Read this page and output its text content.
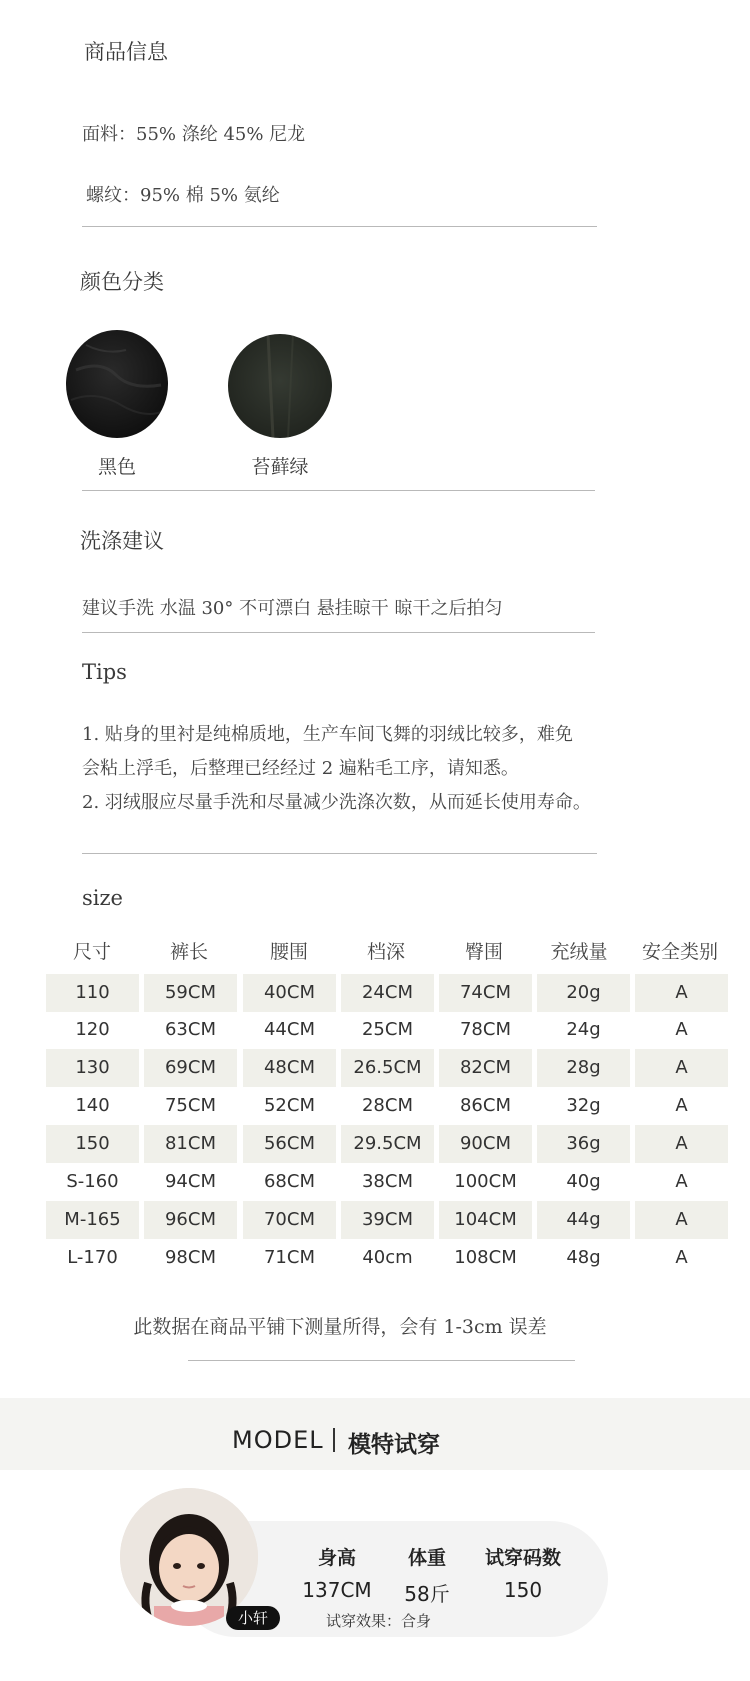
商品信息
面料：55% 涤纶 45% 尼龙
螺纹：95% 棉 5% 氨纶
颜色分类
黑色	苔藓绿
洗涤建议
建议手洗 水温 30° 不可漂白 悬挂晾干 晾干之后拍匀
Tips
1. 贴身的里衬是纯棉质地，生产车间飞舞的羽绒比较多，难免
会粘上浮毛，后整理已经经过 2 遍粘毛工序，请知悉。
2. 羽绒服应尽量手洗和尽量减少洗涤次数，从而延长使用寿命。
size
尺寸	裤长	腰围	档深	臀围	充绒量	安全类别
110	59CM	40CM	24CM	74CM	20g	A
120	63CM	44CM	25CM	78CM	24g	A
130	69CM	48CM	26.5CM	82CM	28g	A
140	75CM	52CM	28CM	86CM	32g	A
150	81CM	56CM	29.5CM	90CM	36g	A
S-160	94CM	68CM	38CM	100CM	40g	A
M-165	96CM	70CM	39CM	104CM	44g	A
L-170	98CM	71CM	40cm	108CM	48g	A
此数据在商品平铺下测量所得，会有 1-3cm 误差
MODEL 模特试穿
小轩
身高	体重	试穿码数
137CM	58斤	150
试穿效果：合身
